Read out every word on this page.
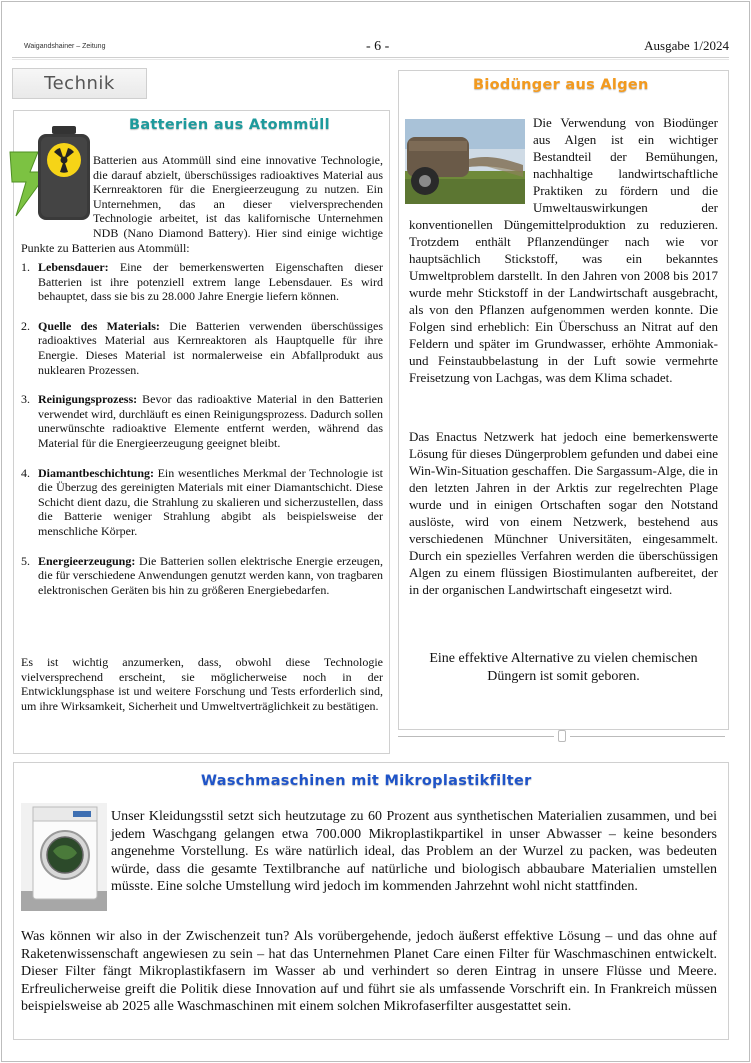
Waigandshainer – Zeitung	- 6 -	Ausgabe 1/2024
Technik
Batterien aus Atommüll
Batterien aus Atommüll sind eine innovative Technologie, die darauf abzielt, überschüssiges radioaktives Material aus Kernreaktoren für die Energieerzeugung zu nutzen. Ein Unternehmen, das an dieser vielversprechenden Technologie arbeitet, ist das kalifornische Unternehmen NDB (Nano Diamond Battery). Hier sind einige wichtige Punkte zu Batterien aus Atommüll:
1. Lebensdauer: Eine der bemerkenswerten Eigenschaften dieser Batterien ist ihre potenziell extrem lange Lebensdauer. Es wird behauptet, dass sie bis zu 28.000 Jahre Energie liefern können.
2. Quelle des Materials: Die Batterien verwenden überschüssiges radioaktives Material aus Kernreaktoren als Hauptquelle für ihre Energie. Dieses Material ist normalerweise ein Abfallprodukt aus nuklearen Prozessen.
3. Reinigungsprozess: Bevor das radioaktive Material in den Batterien verwendet wird, durchläuft es einen Reinigungsprozess. Dadurch sollen unerwünschte radioaktive Elemente entfernt werden, während das Material für die Energieerzeugung geeignet bleibt.
4. Diamantbeschichtung: Ein wesentliches Merkmal der Technologie ist die Überzug des gereinigten Materials mit einer Diamantschicht. Diese Schicht dient dazu, die Strahlung zu skalieren und sicherzustellen, dass die Batterie weniger Strahlung abgibt als beispielsweise der menschliche Körper.
5. Energieerzeugung: Die Batterien sollen elektrische Energie erzeugen, die für verschiedene Anwendungen genutzt werden kann, von tragbaren elektronischen Geräten bis hin zu größeren Energiebedarfen.
Es ist wichtig anzumerken, dass, obwohl diese Technologie vielversprechend erscheint, sie möglicherweise noch in der Entwicklungsphase ist und weitere Forschung und Tests erforderlich sind, um ihre Wirksamkeit, Sicherheit und Umweltverträglichkeit zu bestätigen.
Biodünger aus Algen
Die Verwendung von Biodünger aus Algen ist ein wichtiger Bestandteil der Bemühungen, nachhaltige landwirtschaftliche Praktiken zu fördern und die Umweltauswirkungen der konventionellen Düngemittelproduktion zu reduzieren. Trotzdem enthält Pflanzendünger nach wie vor hauptsächlich Stickstoff, was ein bekanntes Umweltproblem darstellt. In den Jahren von 2008 bis 2017 wurde mehr Stickstoff in der Landwirtschaft ausgebracht, als von den Pflanzen aufgenommen werden konnte. Die Folgen sind erheblich: Ein Überschuss an Nitrat auf den Feldern und später im Grundwasser, erhöhte Ammoniak- und Feinstaubbelastung in der Luft sowie vermehrte Freisetzung von Lachgas, was dem Klima schadet.
Das Enactus Netzwerk hat jedoch eine bemerkenswerte Lösung für dieses Düngerproblem gefunden und dabei eine Win-Win-Situation geschaffen. Die Sargassum-Alge, die in den letzten Jahren in der Arktis zur regelrechten Plage wurde und in einigen Ortschaften sogar den Notstand auslöste, wird von einem Netzwerk, bestehend aus verschiedenen Münchner Universitäten, eingesammelt. Durch ein spezielles Verfahren werden die überschüssigen Algen zu einem flüssigen Biostimulanten aufbereitet, der in der organischen Landwirtschaft eingesetzt wird.
Eine effektive Alternative zu vielen chemischen Düngern ist somit geboren.
Waschmaschinen mit Mikroplastikfilter
Unser Kleidungsstil setzt sich heutzutage zu 60 Prozent aus synthetischen Materialien zusammen, und bei jedem Waschgang gelangen etwa 700.000 Mikroplastikpartikel in unser Abwasser – keine besonders angenehme Vorstellung. Es wäre natürlich ideal, das Problem an der Wurzel zu packen, was bedeuten würde, dass die gesamte Textilbranche auf natürliche und biologisch abbaubare Materialien umstellen müsste. Eine solche Umstellung wird jedoch im kommenden Jahrzehnt wohl nicht stattfinden.
Was können wir also in der Zwischenzeit tun? Als vorübergehende, jedoch äußerst effektive Lösung – und das ohne auf Raketenwissenschaft angewiesen zu sein – hat das Unternehmen Planet Care einen Filter für Waschmaschinen entwickelt. Dieser Filter fängt Mikroplastikfasern im Wasser ab und verhindert so deren Eintrag in unsere Flüsse und Meere. Erfreulicherweise greift die Politik diese Innovation auf und führt sie als umfassende Vorschrift ein. In Frankreich müssen beispielsweise ab 2025 alle Waschmaschinen mit einem solchen Mikrofaserfilter ausgestattet sein.
